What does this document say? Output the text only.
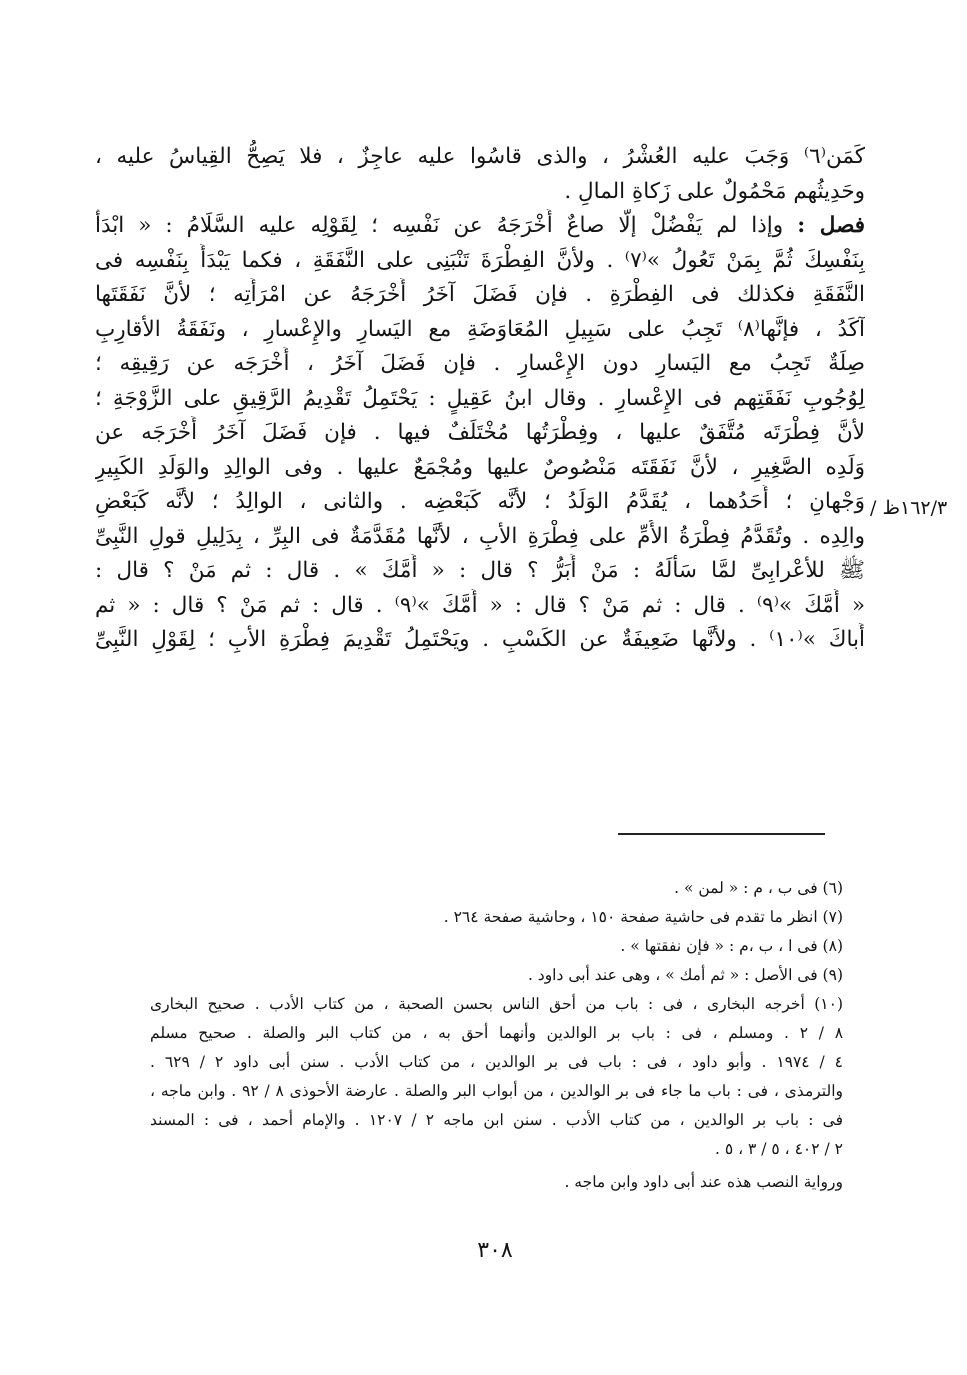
كَمَن⁽٦⁾ وَجَبَ عليه العُشْرُ ، والذى قاسُوا عليه عاجِزٌ ، فلا يَصِحُّ القِياسُ عليه ،
وحَدِيثُهم مَحْمُولٌ على زَكاةِ المالِ .
فصل : وإذا لم يَفْضُلْ إلَّا صاعٌ أَخْرَجَهُ عن نَفْسِه ؛ لِقَوْلِه عليه السَّلَامُ : « ابْدَأْ
بِنَفْسِكَ ثُمَّ بِمَنْ تَعُولُ »⁽٧⁾ . ولأنَّ الفِطْرَةَ تَنْبَنِى على النَّفَقَةِ ، فكما يَبْدَأُ بِنَفْسِه فى
النَّفَقَةِ فكذلك فى الفِطْرَةِ . فإن فَضَلَ آخَرُ أَخْرَجَهُ عن امْرَأَتِه ؛ لأنَّ نَفَقَتَها
آكَدُ ، فإنَّها⁽٨⁾ تَجِبُ على سَبِيلِ المُعَاوَضَةِ مع اليَسارِ والإِعْسارِ ، ونَفَقَةُ الأقارِبِ
صِلَةٌ تَجِبُ مع اليَسارِ دون الإِعْسارِ . فإن فَضَلَ آخَرُ ، أَخْرَجَه عن رَقِيقِه ؛
لِوُجُوبِ نَفَقَتِهم فى الإِعْسارِ . وقال ابنُ عَقِيلٍ : يَحْتَمِلُ تَقْدِيمُ الرَّقِيقِ على الزَّوْجَةِ ؛
لأنَّ فِطْرَتَه مُتَّفَقٌ عليها ، وفِطْرَتُها مُخْتَلَفٌ فيها . فإن فَضَلَ آخَرُ أَخْرَجَه عن
وَلَدِه الصَّغِيرِ ، لأنَّ نَفَقَتَه مَنْصُوصٌ عليها ومُجْمَعٌ عليها . وفى الوالِدِ والوَلَدِ الكَبِيرِ
وَجْهانِ ؛ أَحَدُهما ، يُقَدَّمُ الوَلَدُ ؛ لأنَّه كَبَعْضِه . والثانى ، الوالِدُ ؛ لأنَّه كَبَعْضِ
والِدِه . وتُقَدَّمُ فِطْرَةُ الأُمِّ على فِطْرَةِ الأبِ ، لأنَّها مُقَدَّمَةٌ فى البِرِّ ، بِدَلِيلِ قولِ النَّبِىِّ
ﷺ للأعْرابِىِّ لمَّا سَأَلَهُ : مَنْ أَبَرُّ ؟ قال : « أُمَّكَ » . قال : ثم مَنْ ؟ قال :
« أُمَّكَ »⁽٩⁾ . قال : ثم مَنْ ؟ قال : « أُمَّكَ »⁽٩⁾ . قال : ثم مَنْ ؟ قال : « ثم
أَباكَ »⁽١٠⁾ . ولأنَّها ضَعِيفَةٌ عن الكَسْبِ . ويَحْتَمِلُ تَقْدِيمَ فِطْرَةِ الأبِ ؛ لِقَوْلِ النَّبِىِّ
١٦٢/٣ظ /
(٦) فى ب ، م : « لمن » .
(٧) انظر ما تقدم فى حاشية صفحة ١٥٠ ، وحاشية صفحة ٢٦٤ .
(٨) فى ا ، ب ،م : « فإن نفقتها » .
(٩) فى الأصل : « ثم أمك » ، وهى عند أبى داود .
(١٠) أخرجه البخارى ، فى : باب من أحق الناس بحسن الصحبة ، من كتاب الأدب . صحيح البخارى
٨ / ٢ . ومسلم ، فى : باب بر الوالدين وأنهما أحق به ، من كتاب البر والصلة . صحيح مسلم
٤ / ١٩٧٤ . وأبو داود ، فى : باب فى بر الوالدين ، من كتاب الأدب . سنن أبى داود ٢ / ٦٢٩ .
والترمذى ، فى : باب ما جاء فى بر الوالدين ، من أبواب البر والصلة . عارضة الأحوذى ٨ / ٩٢ . وابن ماجه ،
فى : باب بر الوالدين ، من كتاب الأدب . سنن ابن ماجه ٢ / ١٢٠٧ . والإمام أحمد ، فى : المسند
٢ / ٤٠٢ ، ٥ / ٣ ، ٥ .
ورواية النصب هذه عند أبى داود وابن ماجه .
٣٠٨
